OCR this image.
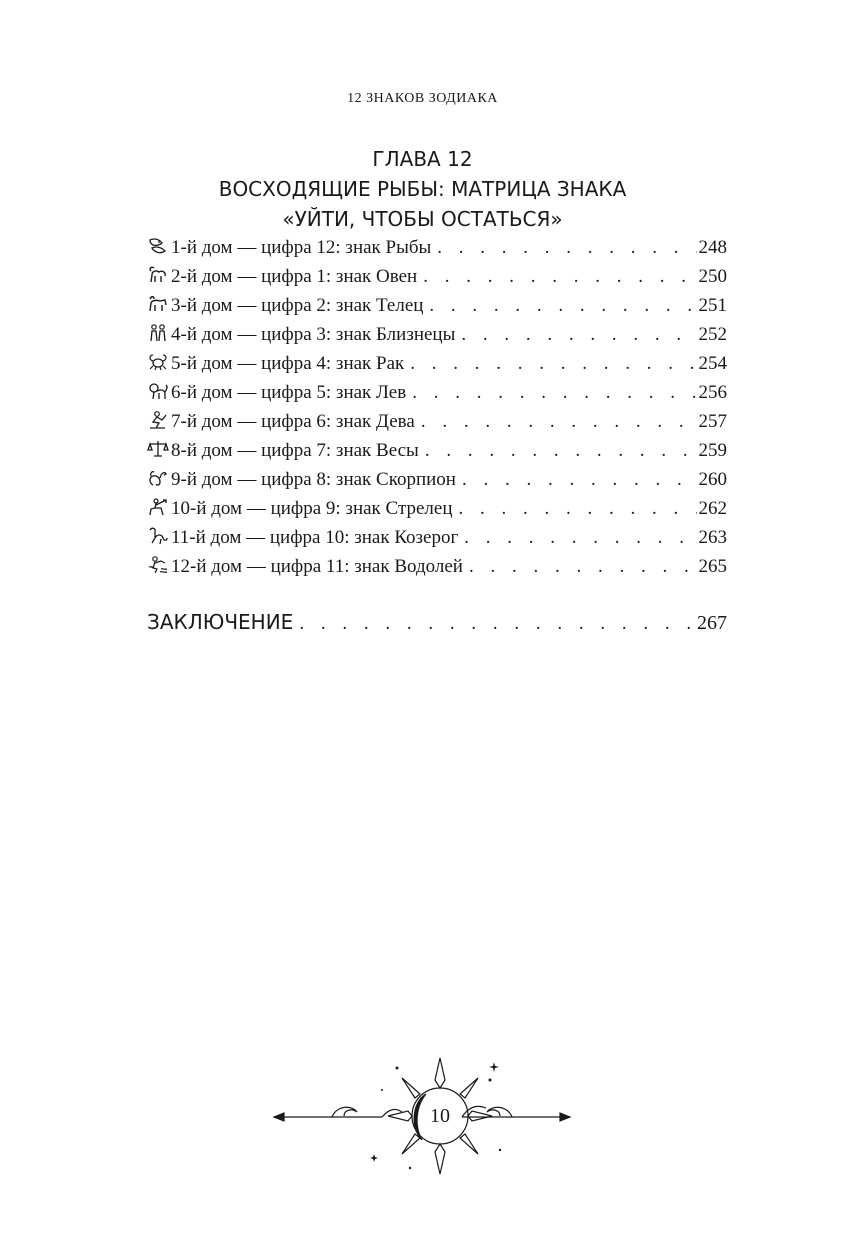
12 ЗНАКОВ ЗОДИАКА
ГЛАВА 12
ВОСХОДЯЩИЕ РЫБЫ: МАТРИЦА ЗНАКА
«УЙТИ, ЧТОБЫ ОСТАТЬСЯ»
1-й дом — цифра 12: знак Рыбы . . .	248
2-й дом — цифра 1: знак Овен . . .	250
3-й дом — цифра 2: знак Телец . . .	251
4-й дом — цифра 3: знак Близнецы . . .	252
5-й дом — цифра 4: знак Рак . . .	254
6-й дом — цифра 5: знак Лев . . .	256
7-й дом — цифра 6: знак Дева . . .	257
8-й дом — цифра 7: знак Весы . . .	259
9-й дом — цифра 8: знак Скорпион . . .	260
10-й дом — цифра 9: знак Стрелец . . .	262
11-й дом — цифра 10: знак Козерог . . .	263
12-й дом — цифра 11: знак Водолей . . .	265
ЗАКЛЮЧЕНИЕ . . .	267
10
